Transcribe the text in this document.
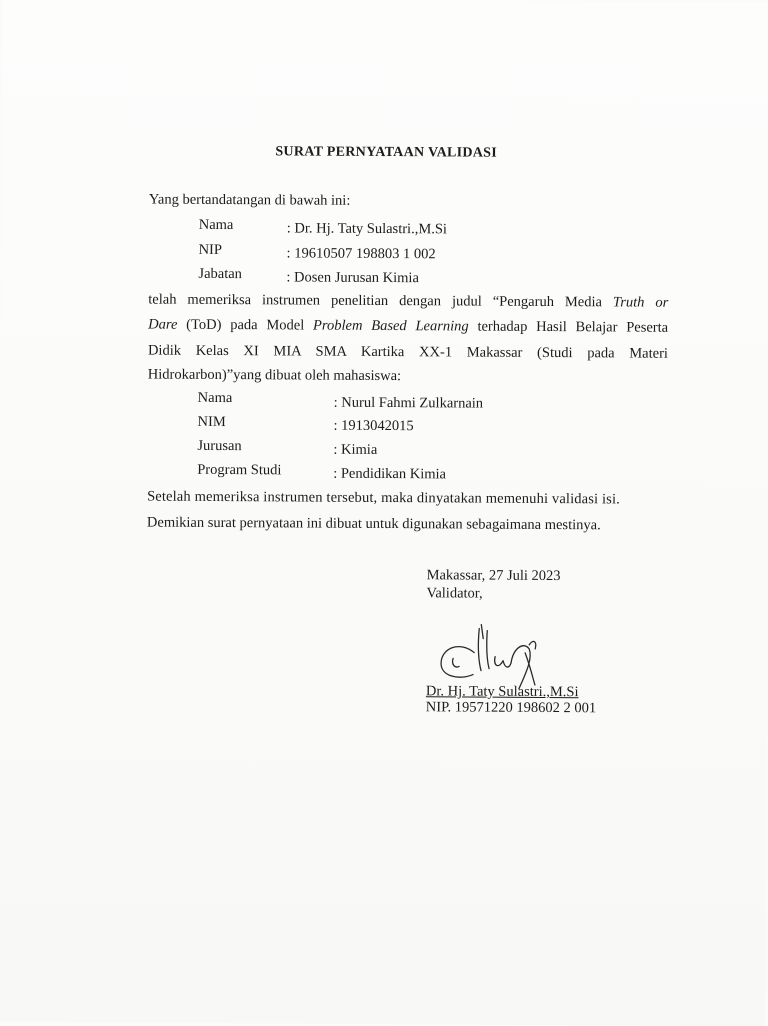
SURAT PERNYATAAN VALIDASI
Yang bertandatangan di bawah ini:
Nama	: Dr. Hj. Taty Sulastri.,M.Si
NIP	: 19610507 198803 1 002
Jabatan	: Dosen Jurusan Kimia
telah memeriksa instrumen penelitian dengan judul “Pengaruh Media Truth or
Dare (ToD) pada Model Problem Based Learning terhadap Hasil Belajar Peserta
Didik Kelas XI MIA SMA Kartika XX-1 Makassar (Studi pada Materi
Hidrokarbon)”yang dibuat oleh mahasiswa:
Nama	: Nurul Fahmi Zulkarnain
NIM	: 1913042015
Jurusan	: Kimia
Program Studi	: Pendidikan Kimia
Setelah memeriksa instrumen tersebut, maka dinyatakan memenuhi validasi isi.
Demikian surat pernyataan ini dibuat untuk digunakan sebagaimana mestinya.
Makassar, 27 Juli 2023
Validator,
Dr. Hj. Taty Sulastri.,M.Si
NIP. 19571220 198602 2 001
